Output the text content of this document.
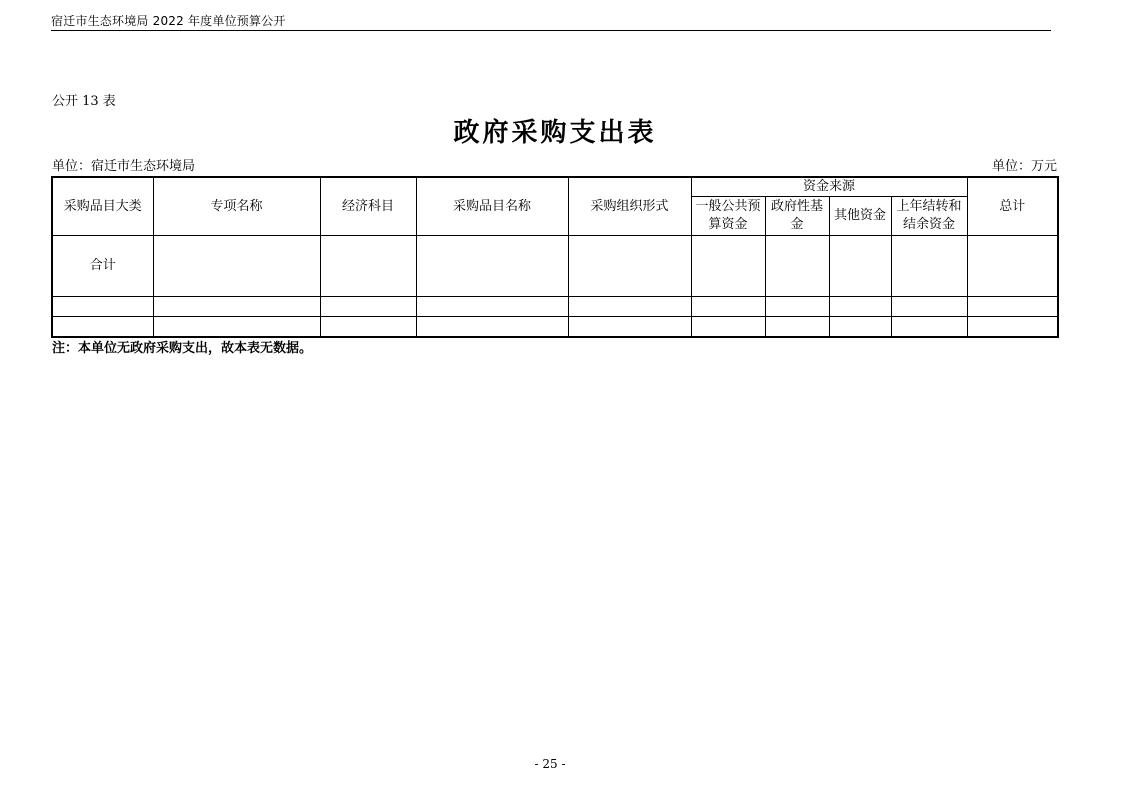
宿迁市生态环境局 2022 年度单位预算公开
公开 13 表
政府采购支出表
单位：宿迁市生态环境局	单位：万元
采购品目大类	专项名称	经济科目	采购品目名称	采购组织形式	资金来源				总计
					一般公共预算资金	政府性基金	其他资金	上年结转和结余资金	
合计									

注：本单位无政府采购支出，故本表无数据。
- 25 -
